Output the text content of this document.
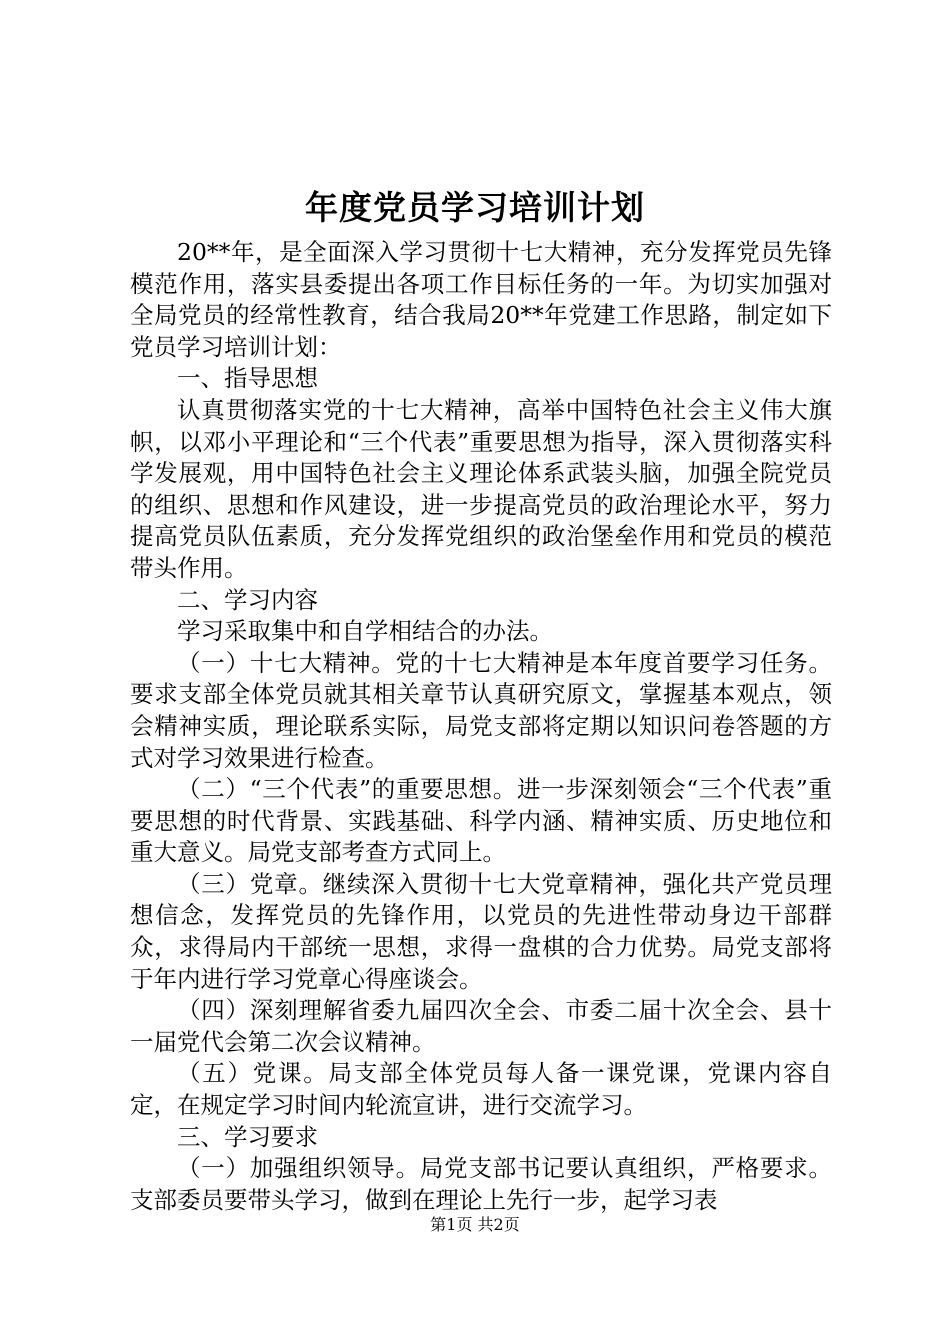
年度党员学习培训计划

20**年，是全面深入学习贯彻十七大精神，充分发挥党员先锋模范作用，落实县委提出各项工作目标任务的一年。为切实加强对全局党员的经常性教育，结合我局20**年党建工作思路，制定如下党员学习培训计划：

一、指导思想

认真贯彻落实党的十七大精神，高举中国特色社会主义伟大旗帜，以邓小平理论和“三个代表”重要思想为指导，深入贯彻落实科学发展观，用中国特色社会主义理论体系武装头脑，加强全院党员的组织、思想和作风建设，进一步提高党员的政治理论水平，努力提高党员队伍素质，充分发挥党组织的政治堡垒作用和党员的模范带头作用。

二、学习内容

学习采取集中和自学相结合的办法。

（一）十七大精神。党的十七大精神是本年度首要学习任务。要求支部全体党员就其相关章节认真研究原文，掌握基本观点，领会精神实质，理论联系实际，局党支部将定期以知识问卷答题的方式对学习效果进行检查。

（二）“三个代表”的重要思想。进一步深刻领会“三个代表”重要思想的时代背景、实践基础、科学内涵、精神实质、历史地位和重大意义。局党支部考查方式同上。

（三）党章。继续深入贯彻十七大党章精神，强化共产党员理想信念，发挥党员的先锋作用，以党员的先进性带动身边干部群众，求得局内干部统一思想，求得一盘棋的合力优势。局党支部将于年内进行学习党章心得座谈会。

（四）深刻理解省委九届四次全会、市委二届十次全会、县十一届党代会第二次会议精神。

（五）党课。局支部全体党员每人备一课党课，党课内容自定，在规定学习时间内轮流宣讲，进行交流学习。

三、学习要求

（一）加强组织领导。局党支部书记要认真组织，严格要求。支部委员要带头学习，做到在理论上先行一步，起学习表

第1页 共2页
